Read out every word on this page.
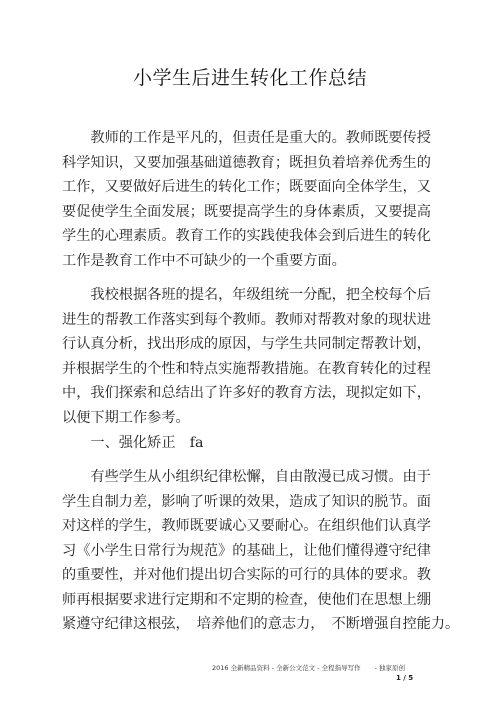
小学生后进生转化工作总结
　　教师的工作是平凡的，但责任是重大的。教师既要传授
科学知识，又要加强基础道德教育；既担负着培养优秀生的
工作，又要做好后进生的转化工作；既要面向全体学生，又
要促使学生全面发展；既要提高学生的身体素质，又要提高
学生的心理素质。教育工作的实践使我体会到后进生的转化
工作是教育工作中不可缺少的一个重要方面。
　　我校根据各班的提名，年级组统一分配，把全校每个后
进生的帮教工作落实到每个教师。教师对帮教对象的现状进
行认真分析，找出形成的原因，与学生共同制定帮教计划，
并根据学生的个性和特点实施帮教措施。在教育转化的过程
中，我们探索和总结出了许多好的教育方法，现拟定如下，
以便下期工作参考。
　　一、强化矫正　fa
　　有些学生从小组织纪律松懈，自由散漫已成习惯。由于
学生自制力差，影响了听课的效果，造成了知识的脱节。面
对这样的学生，教师既要诚心又要耐心。在组织他们认真学
习《小学生日常行为规范》的基础上，让他们懂得遵守纪律
的重要性，并对他们提出切合实际的可行的具体的要求。教
师再根据要求进行定期和不定期的检查，使他们在思想上绷
紧遵守纪律这根弦，　培养他们的意志力，　不断增强自控能力。
2016 全新精品资料 - 全新公文范文 - 全程指导写作 - 独家原创
1 / 5
